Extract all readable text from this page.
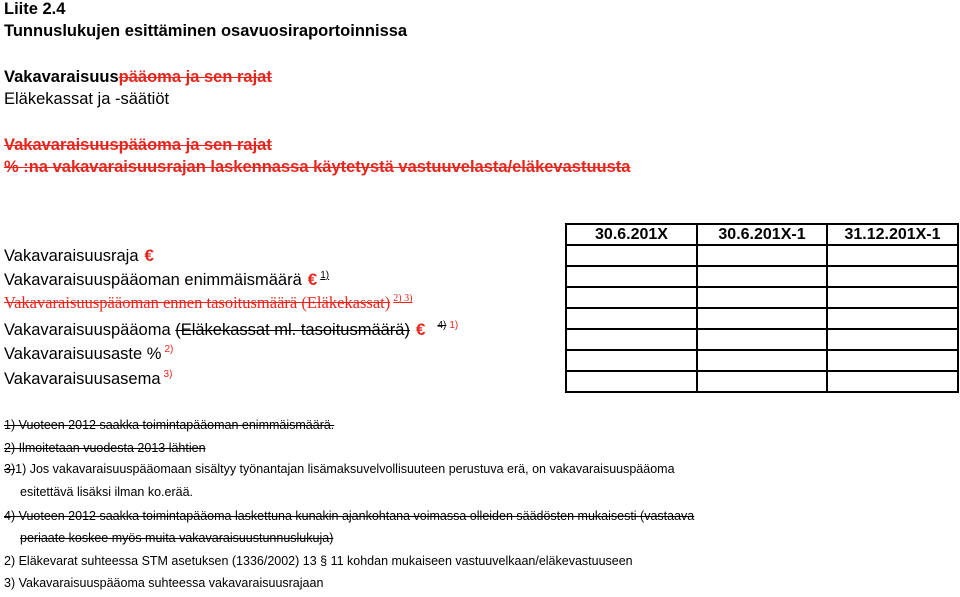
Liite 2.4
Tunnuslukujen esittäminen osavuosiraportoinnissa
Vakavaraisuuspääoma ja sen rajat
Eläkekassat ja -säätiöt
Vakavaraisuuspääoma ja sen rajat
% :na vakavaraisuusrajan laskennassa käytetystä vastuuvelasta/eläkevastuusta
Vakavaraisuusraja €
Vakavaraisuuspääoman enimmäismäärä € $^{1)}$
Vakavaraisuuspääoman ennen tasoitusmäärä (Eläkekassat) $^{2) 3)}$
Vakavaraisuuspääoma (Eläkekassat ml. tasoitusmäärä) € $^{4)}$ $^{1)}$
Vakavaraisuusaste % $^{2)}$
Vakavaraisuusasema $^{3)}$
30.6.201X	30.6.201X-1	31.12.201X-1

1) Vuoteen 2012 saakka toimintapääoman enimmäismäärä.
2) Ilmoitetaan vuodesta 2013 lähtien
3)1) Jos vakavaraisuuspääomaan sisältyy työnantajan lisämaksuvelvollisuuteen perustuva erä, on vakavaraisuuspääoma
esitettävä lisäksi ilman ko.erää.
4) Vuoteen 2012 saakka toimintapääoma laskettuna kunakin ajankohtana voimassa olleiden säädösten mukaisesti (vastaava
periaate koskee myös muita vakavaraisuustunnuslukuja)
2) Eläkevarat suhteessa STM asetuksen (1336/2002) 13 § 11 kohdan mukaiseen vastuuvelkaan/eläkevastuuseen
3) Vakavaraisuuspääoma suhteessa vakavaraisuusrajaan
